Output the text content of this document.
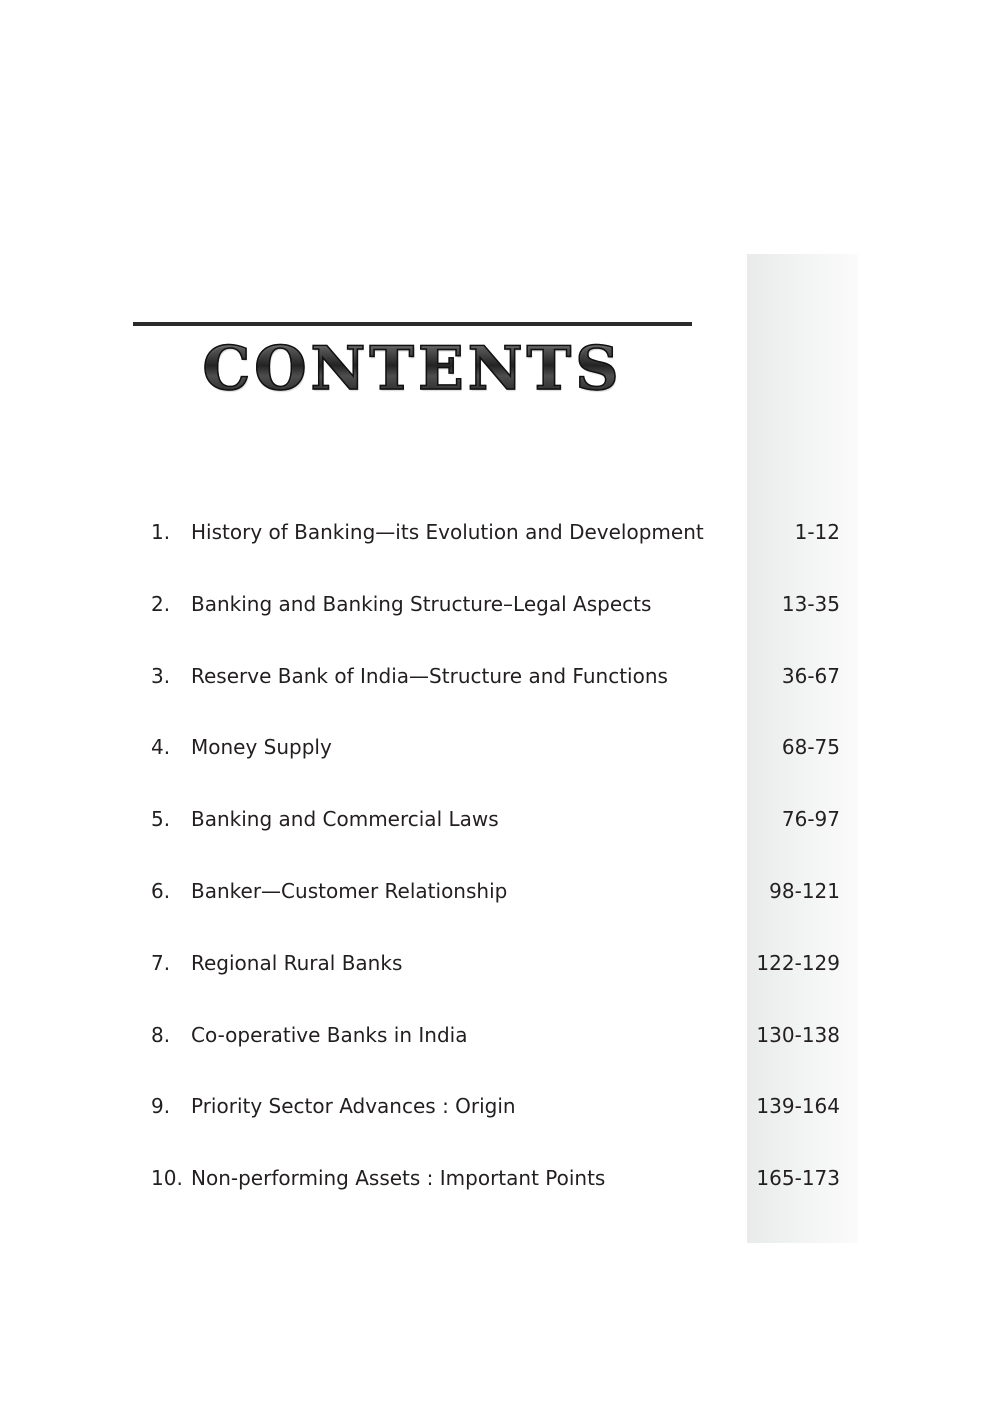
CONTENTS
1.	History of Banking—its Evolution and Development	1-12
2.	Banking and Banking Structure–Legal Aspects	13-35
3.	Reserve Bank of India—Structure and Functions	36-67
4.	Money Supply	68-75
5.	Banking and Commercial Laws	76-97
6.	Banker—Customer Relationship	98-121
7.	Regional Rural Banks	122-129
8.	Co-operative Banks in India	130-138
9.	Priority Sector Advances : Origin	139-164
10. Non-performing Assets : Important Points	165-173
